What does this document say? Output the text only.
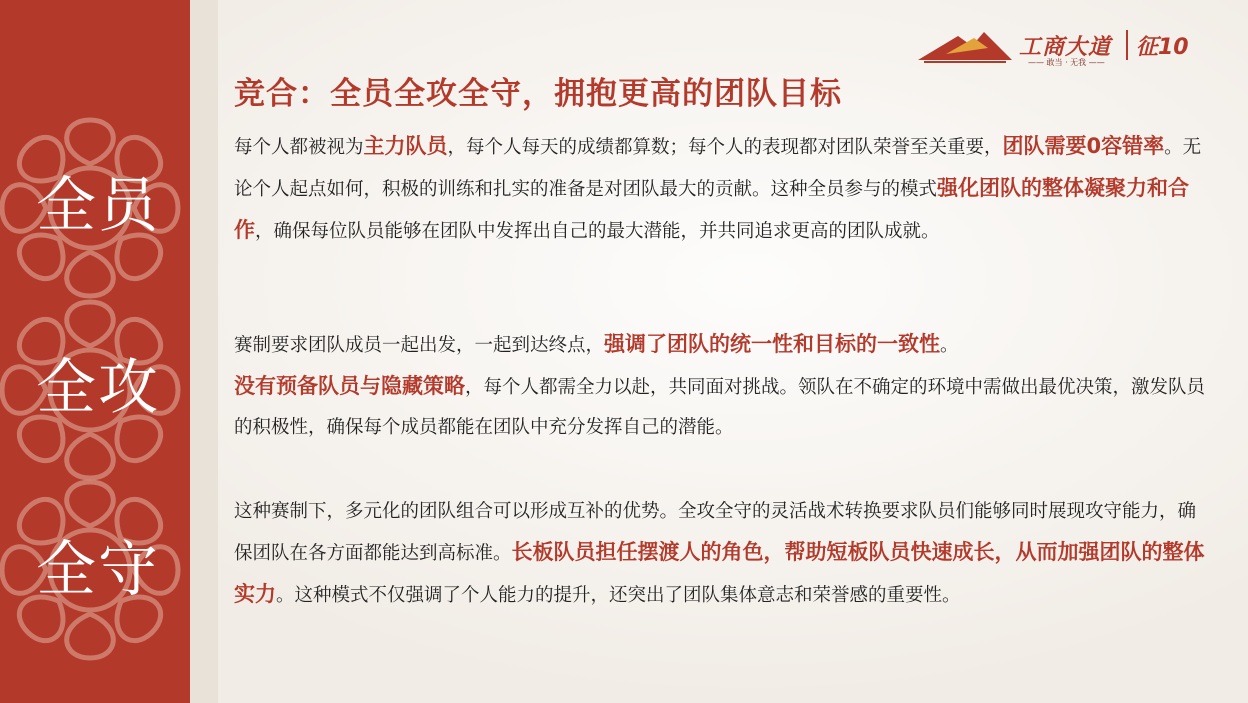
全员
全攻
全守
工商大道
—— 敢当 · 无我 ——
征10
竞合：全员全攻全守，拥抱更高的团队目标
每个人都被视为主力队员，每个人每天的成绩都算数；每个人的表现都对团队荣誉至关重要，团队需要0容错率。无论个人起点如何，积极的训练和扎实的准备是对团队最大的贡献。这种全员参与的模式强化团队的整体凝聚力和合作，确保每位队员能够在团队中发挥出自己的最大潜能，并共同追求更高的团队成就。
赛制要求团队成员一起出发，一起到达终点，强调了团队的统一性和目标的一致性。
没有预备队员与隐藏策略，每个人都需全力以赴，共同面对挑战。领队在不确定的环境中需做出最优决策，激发队员的积极性，确保每个成员都能在团队中充分发挥自己的潜能。
这种赛制下，多元化的团队组合可以形成互补的优势。全攻全守的灵活战术转换要求队员们能够同时展现攻守能力，确保团队在各方面都能达到高标准。长板队员担任摆渡人的角色，帮助短板队员快速成长，从而加强团队的整体实力。这种模式不仅强调了个人能力的提升，还突出了团队集体意志和荣誉感的重要性。
